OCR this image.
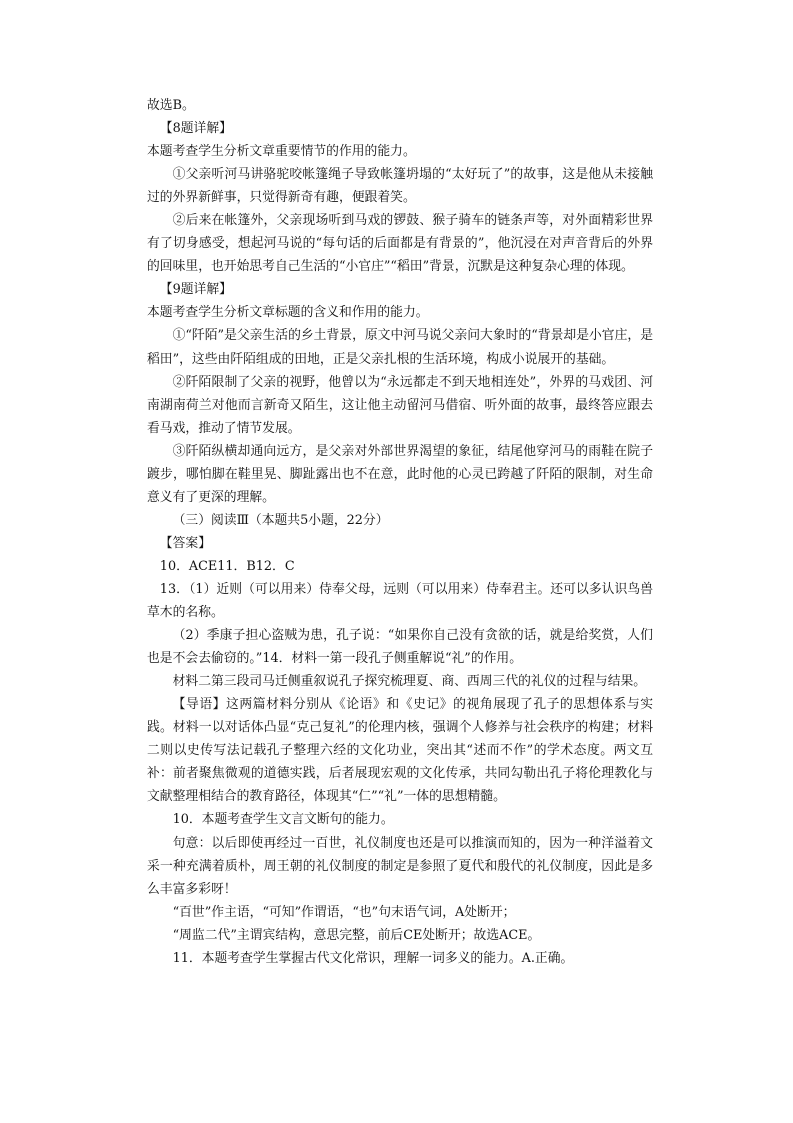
故选B。

【8题详解】

本题考查学生分析文章重要情节的作用的能力。

①父亲听河马讲骆驼咬帐篷绳子导致帐篷坍塌的“太好玩了”的故事，这是他从未接触过的外界新鲜事，只觉得新奇有趣，便跟着笑。

②后来在帐篷外，父亲现场听到马戏的锣鼓、猴子骑车的链条声等，对外面精彩世界有了切身感受，想起河马说的“每句话的后面都是有背景的”，他沉浸在对声音背后的外界的回味里，也开始思考自己生活的“小官庄”“稻田”背景，沉默是这种复杂心理的体现。

【9题详解】

本题考查学生分析文章标题的含义和作用的能力。

①“阡陌”是父亲生活的乡土背景，原文中河马说父亲问大象时的“背景却是小官庄，是稻田”，这些由阡陌组成的田地，正是父亲扎根的生活环境，构成小说展开的基础。

②阡陌限制了父亲的视野，他曾以为“永远都走不到天地相连处”，外界的马戏团、河南湖南荷兰对他而言新奇又陌生，这让他主动留河马借宿、听外面的故事，最终答应跟去看马戏，推动了情节发展。

③阡陌纵横却通向远方，是父亲对外部世界渴望的象征，结尾他穿河马的雨鞋在院子踱步，哪怕脚在鞋里晃、脚趾露出也不在意，此时他的心灵已跨越了阡陌的限制，对生命意义有了更深的理解。

（三）阅读Ⅲ（本题共5小题，22分）

【答案】

10．ACE11．B12．C

13．（1）近则（可以用来）侍奉父母，远则（可以用来）侍奉君主。还可以多认识鸟兽草木的名称。

（2）季康子担心盗贼为患，孔子说：“如果你自己没有贪欲的话，就是给奖赏，人们也是不会去偷窃的。”14．材料一第一段孔子侧重解说“礼”的作用。

材料二第三段司马迁侧重叙说孔子探究梳理夏、商、西周三代的礼仪的过程与结果。

【导语】这两篇材料分别从《论语》和《史记》的视角展现了孔子的思想体系与实践。材料一以对话体凸显“克己复礼”的伦理内核，强调个人修养与社会秩序的构建；材料二则以史传写法记载孔子整理六经的文化功业，突出其“述而不作”的学术态度。两文互补：前者聚焦微观的道德实践，后者展现宏观的文化传承，共同勾勒出孔子将伦理教化与文献整理相结合的教育路径，体现其“仁”“礼”一体的思想精髓。

10．本题考查学生文言文断句的能力。

句意：以后即使再经过一百世，礼仪制度也还是可以推演而知的，因为一种洋溢着文采一种充满着质朴，周王朝的礼仪制度的制定是参照了夏代和殷代的礼仪制度，因此是多么丰富多彩呀！

“百世”作主语，“可知”作谓语，“也”句末语气词，A处断开；

“周监二代”主谓宾结构，意思完整，前后CE处断开；故选ACE。

11．本题考查学生掌握古代文化常识，理解一词多义的能力。A.正确。
